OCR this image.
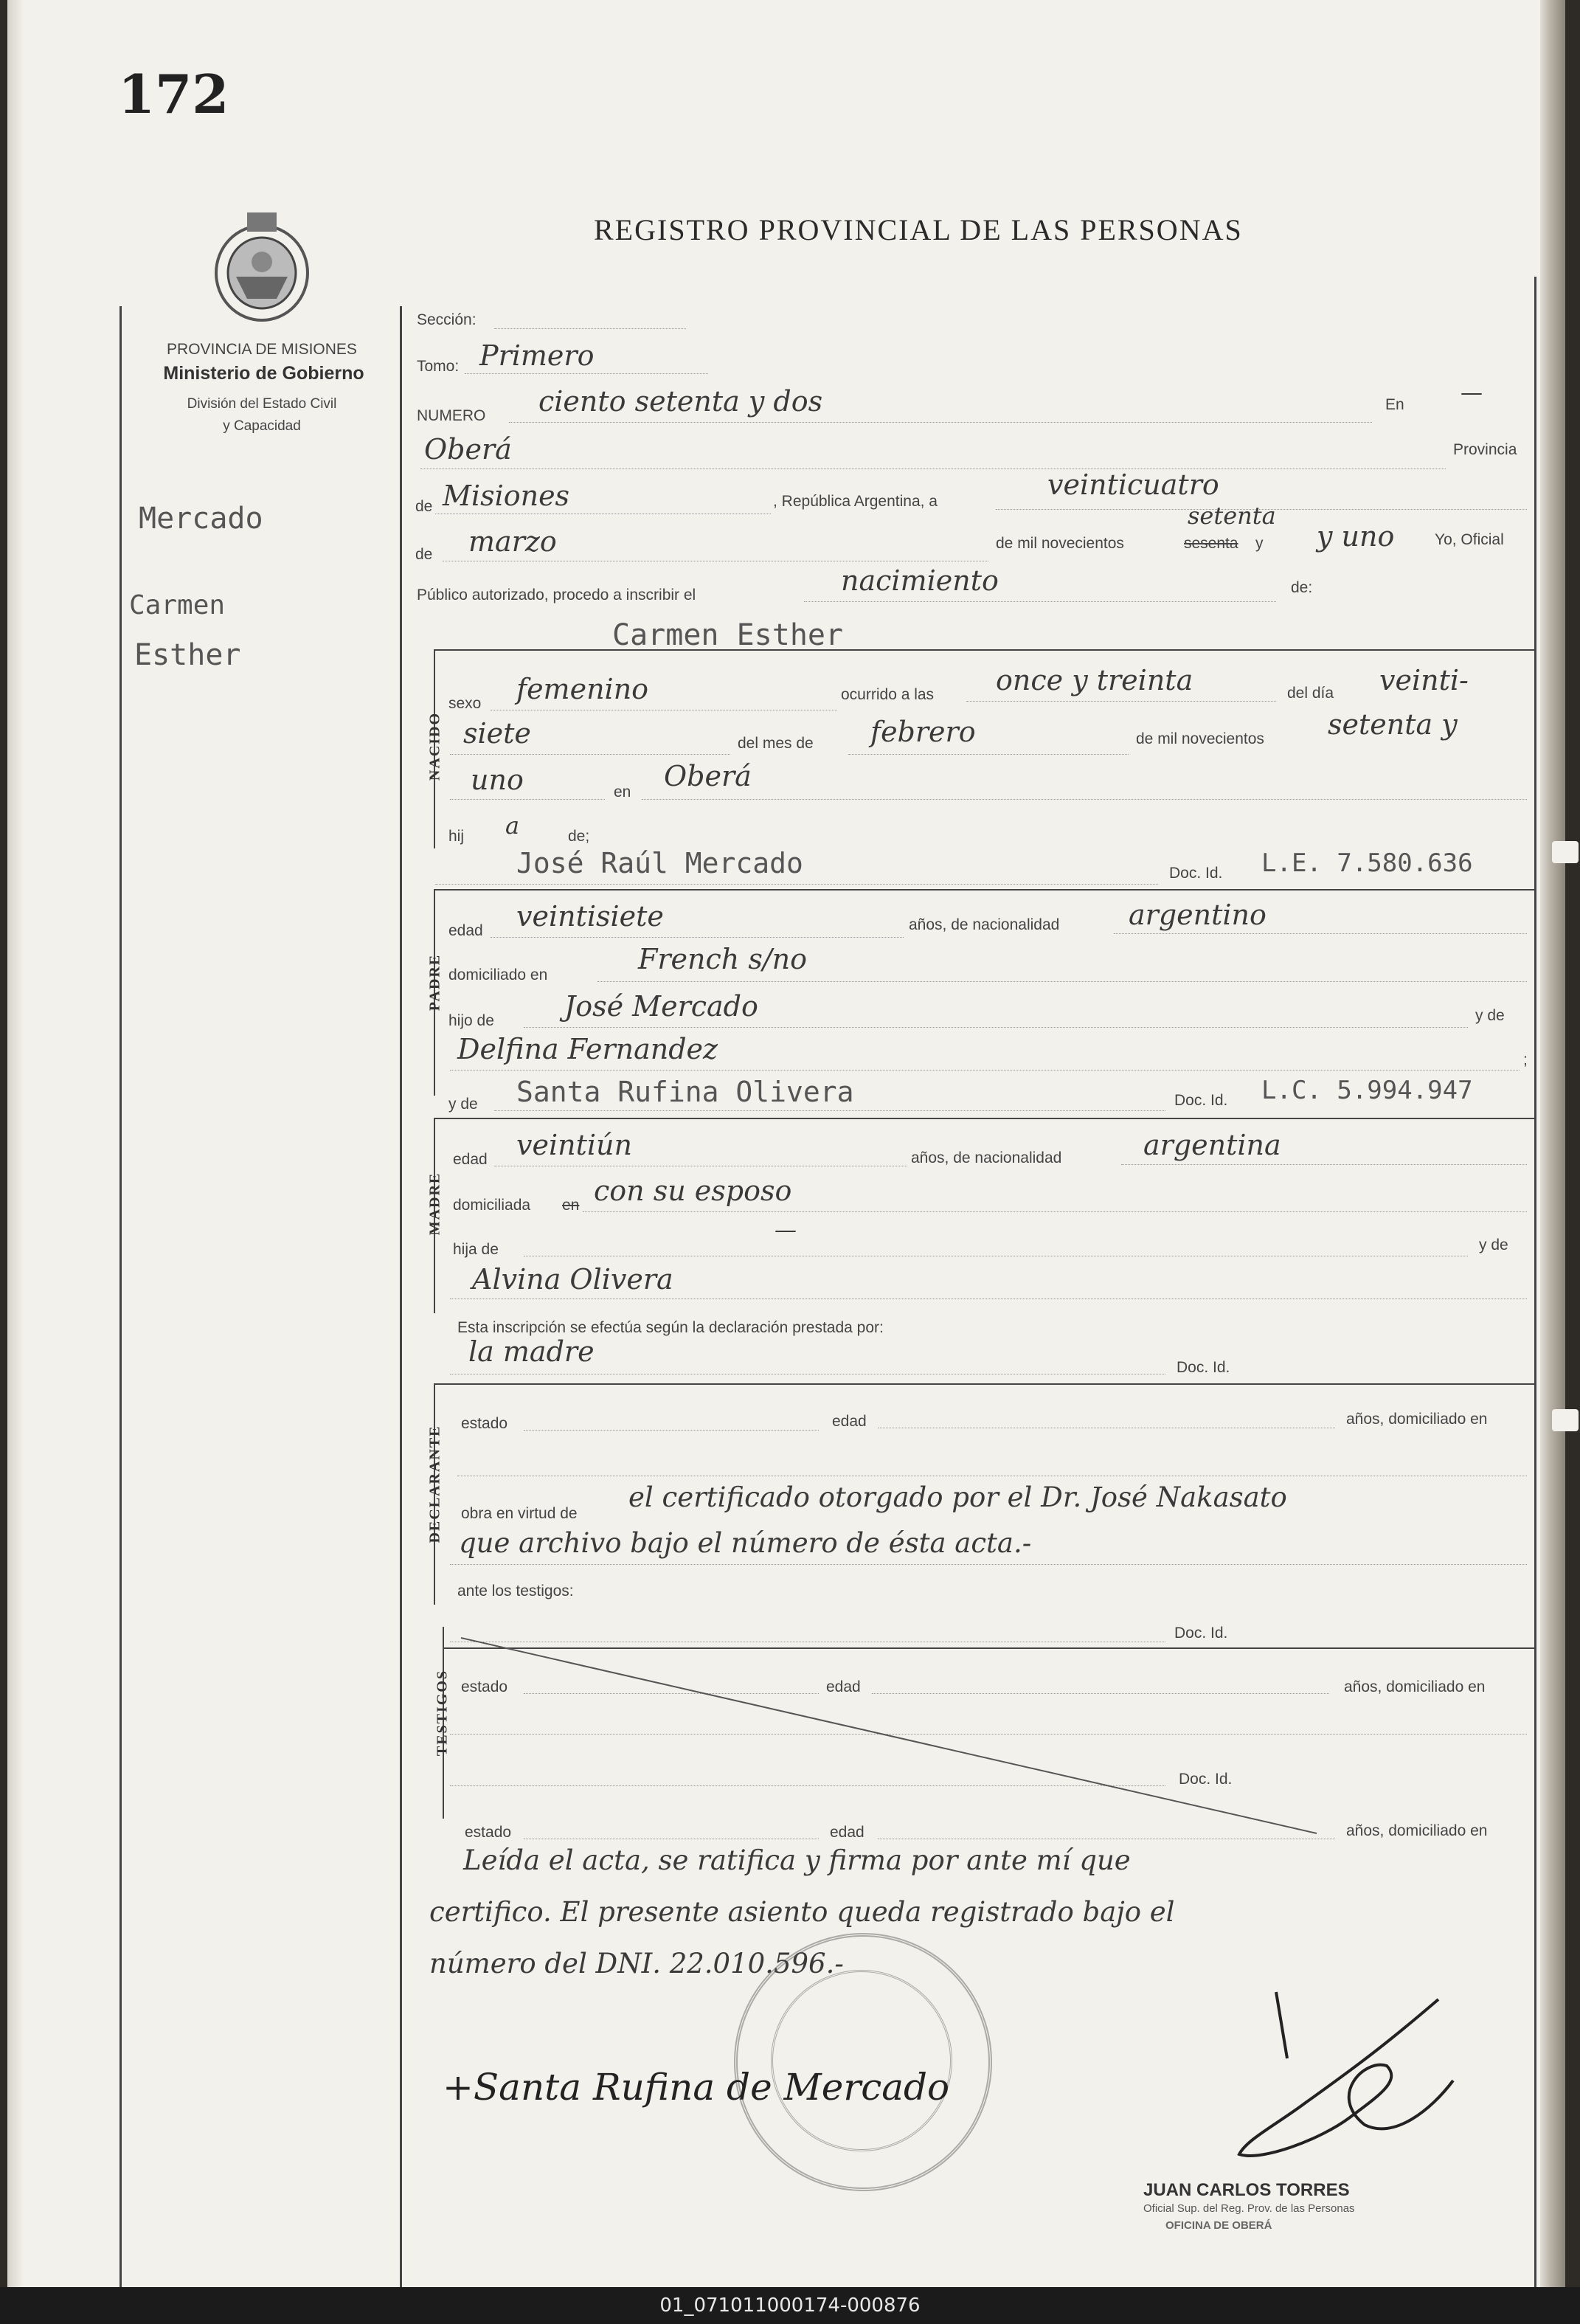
172
REGISTRO PROVINCIAL DE LAS PERSONAS
PROVINCIA DE MISIONES
Ministerio de Gobierno
División del Estado Civil
y Capacidad
Mercado
Carmen
Esther
Sección:
Tomo: Primero
NUMERO ciento setenta y dos	En	—
Oberá	Provincia
de Misiones	, República Argentina, a
veinticuatro
de marzo	de mil novecientos	sesenta y
setenta
y uno	Yo, Oficial
Público autorizado, procedo a inscribir el	nacimiento	de:
NACIDO
Carmen Esther
sexo femenino	ocurrido a las once y treinta	del día veinti-
siete	del mes de febrero	de mil novecientos setenta y
uno	en Oberá
hij a	de;
José Raúl Mercado	Doc. Id. L.E. 7.580.636
PADRE
edad veintisiete	años, de nacionalidad argentino
domiciliado en	French s/no
hijo de	José Mercado	y de
Delfina Fernandez	;
y de Santa Rufina Olivera	Doc. Id. L.C. 5.994.947
MADRE
edad veintiún	años, de nacionalidad	argentina
domiciliada en con su esposo
hija de
—
y de
Alvina Olivera
Esta inscripción se efectúa según la declaración prestada por:
la madre	Doc. Id.
DECLARANTE
estado	edad	años, domiciliado en
obra en virtud de
el certificado otorgado por el Dr. José Nakasato
que archivo bajo el número de ésta acta.-
ante los testigos:
Doc. Id.
TESTIGOS estado	edad	años, domiciliado en
Doc. Id.
estado	edad	años, domiciliado en
Leída el acta, se ratifica y firma por ante mí que
certifico. El presente asiento queda registrado bajo el
número del DNI. 22.010.596.-
+Santa Rufina de Mercado
JUAN CARLOS TORRES
Oficial Sup. del Reg. Prov. de las Personas
OFICINA DE OBERÁ
01_071011000174-000876
